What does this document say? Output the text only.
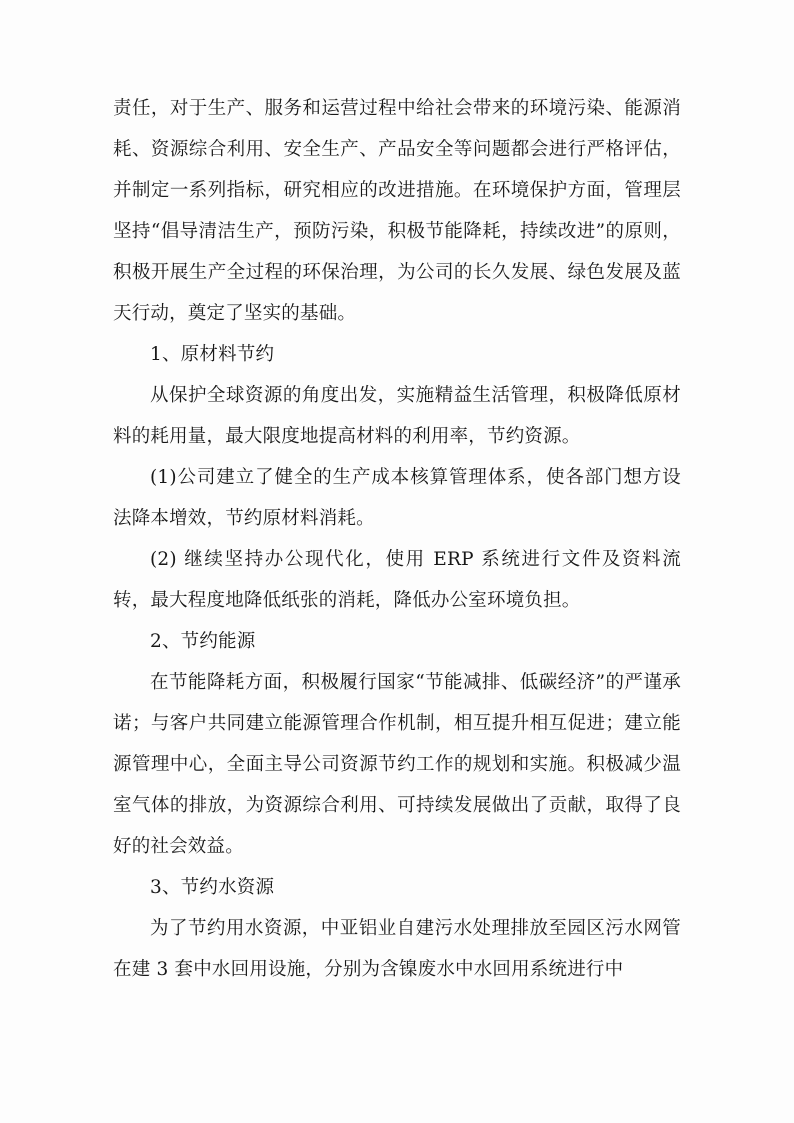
责任，对于生产、服务和运营过程中给社会带来的环境污染、能源消耗、资源综合利用、安全生产、产品安全等问题都会进行严格评估，并制定一系列指标，研究相应的改进措施。在环境保护方面，管理层坚持“倡导清洁生产，预防污染，积极节能降耗，持续改进”的原则，积极开展生产全过程的环保治理，为公司的长久发展、绿色发展及蓝天行动，奠定了坚实的基础。

1、原材料节约

从保护全球资源的角度出发，实施精益生活管理，积极降低原材料的耗用量，最大限度地提高材料的利用率，节约资源。

(1)公司建立了健全的生产成本核算管理体系，使各部门想方设法降本增效，节约原材料消耗。

(2) 继续坚持办公现代化，使用 ERP 系统进行文件及资料流转，最大程度地降低纸张的消耗，降低办公室环境负担。

2、节约能源

在节能降耗方面，积极履行国家“节能减排、低碳经济”的严谨承诺；与客户共同建立能源管理合作机制，相互提升相互促进；建立能源管理中心，全面主导公司资源节约工作的规划和实施。积极减少温室气体的排放，为资源综合利用、可持续发展做出了贡献，取得了良好的社会效益。

3、节约水资源

为了节约用水资源，中亚铝业自建污水处理排放至园区污水网管在建 3 套中水回用设施，分别为含镍废水中水回用系统进行中
